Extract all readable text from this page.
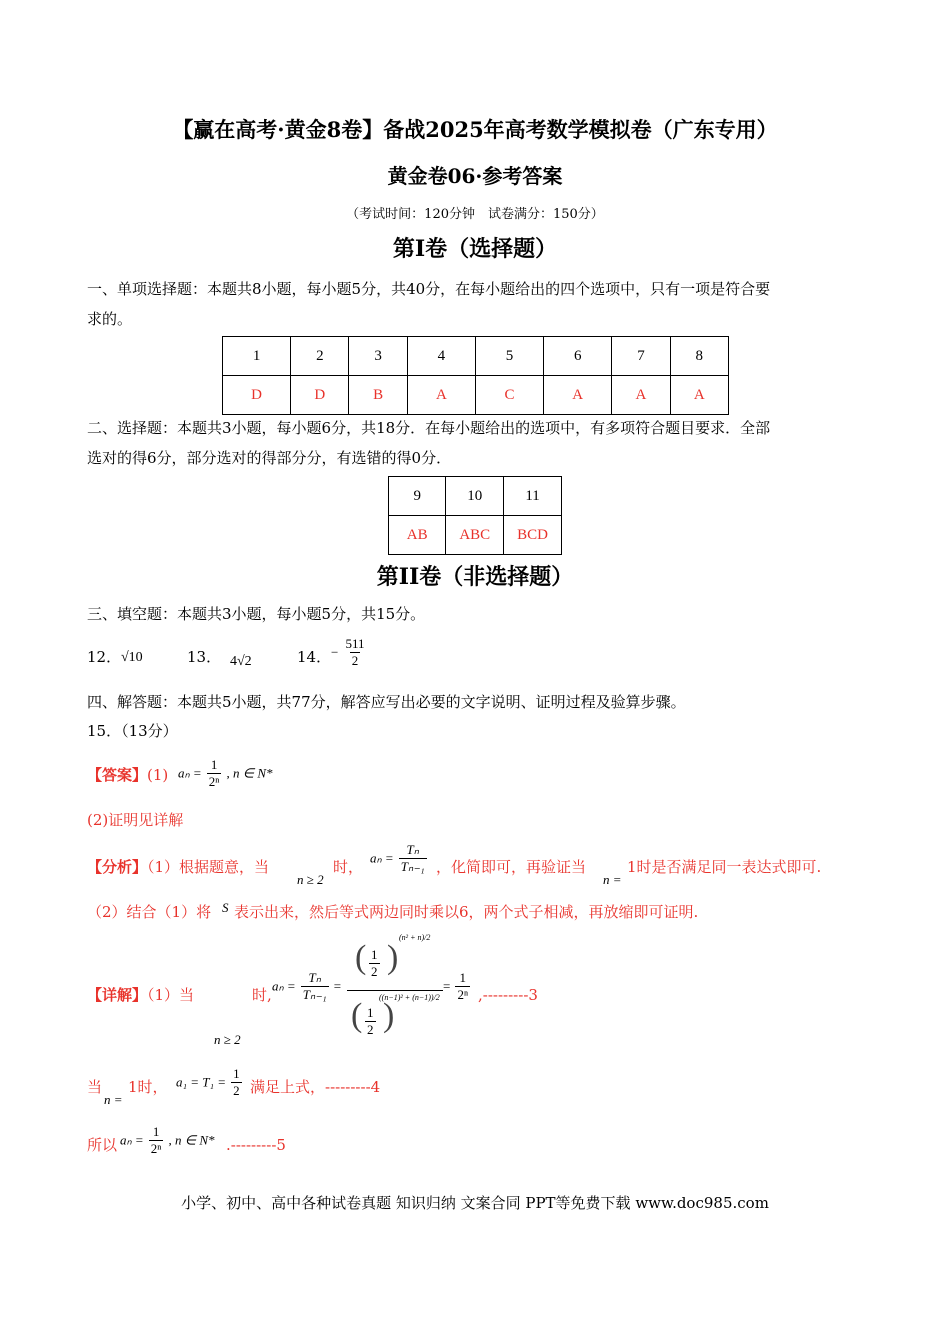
【赢在高考·黄金8卷】备战2025年高考数学模拟卷（广东专用）
黄金卷06·参考答案
（考试时间：120分钟　试卷满分：150分）
第I卷（选择题）
一、单项选择题：本题共8小题，每小题5分，共40分，在每小题给出的四个选项中，只有一项是符合要
求的。
1	2	3	4	5	6	7	8
D	D	B	A	C	A	A	A
二、选择题：本题共3小题，每小题6分，共18分．在每小题给出的选项中，有多项符合题目要求．全部
选对的得6分，部分选对的得部分分，有选错的得0分．
9	10	11
AB	ABC	BCD
第II卷（非选择题）
三、填空题：本题共3小题，每小题5分，共15分。
12． √10	13． 4√2	14． − $\frac{511}{2}$
四、解答题：本题共5小题，共77分，解答应写出必要的文字说明、证明过程及验算步骤。
15．（13分）
【答案】(1) $a_n = \frac{1}{\text{2ⁿ}}$ , n ∈ N*
(2)证明见详解
【分析】（1）根据题意，当
n ≥ 2
时， $a_n = \frac{\text{Tₙ}}{\text{Tₙ₋₁}}$ ，化简即可，再验证当
n =
1时是否满足同一表达式即可.
（2）结合（1）将 S 表示出来，然后等式两边同时乘以6，两个式子相减，再放缩即可证明.
【详解】（1）当	时,
n ≥ 2
$a_n = \frac{\text{Tₙ}}{\text{Tₙ₋₁}}$ =
( $\frac{1}{2}$ )
(n² + n)/2
((n−1)² + (n−1))/2
( $\frac{1}{2}$ )
= $\frac{1}{\text{2ⁿ}} ,---------3$
当
n =
1时， $a_1 = T_1 = \frac{1}{2}$ 满足上式，---------4
所以 $a_n = \frac{1}{\text{2ⁿ}}$ , n ∈ N* .---------5
小学、初中、高中各种试卷真题 知识归纳 文案合同 PPT等免费下载 www.doc985.com
